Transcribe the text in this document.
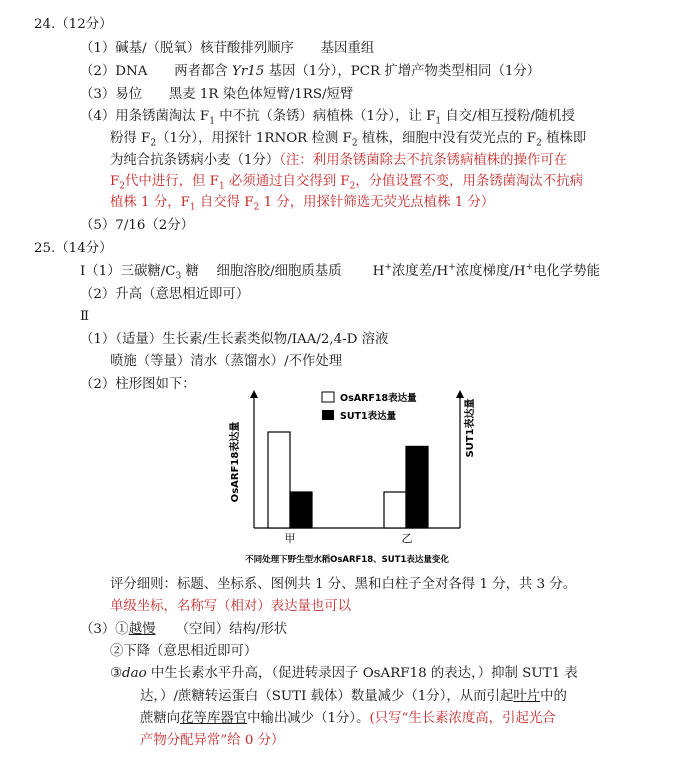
24.（12分）
（1）碱基/（脱氧）核苷酸排列顺序　　基因重组
（2）DNA　　两者都含 Yr15 基因（1分），PCR 扩增产物类型相同（1分）
（3）易位　　黑麦 1R 染色体短臂/1RS/短臂
（4）用条锈菌淘汰 $F_1$ 中不抗（条锈）病植株（1分），让 $F_1$ 自交/相互授粉/随机授
粉得 $F_2(1$分），用探针 1RNOR 检测 $F_2$ 植株，细胞中没有荧光点的 $F_2$ 植株即
为纯合抗条锈病小麦（1分）（注：利用条锈菌除去不抗条锈病植株的操作可在
$F_2$代中进行，但 $F_1$ 必须通过自交得到 $F_2$，分值设置不变，用条锈菌淘汰不抗病
植株 1 分，$F_1$ 自交得 $F_2$ 1 分，用探针筛选无荧光点植株 1 分）
（5）7/16（2分）
25.（14分）
Ⅰ（1）三碳糖$/C_3$ 糖　 细胞溶胶/细胞质基质　　 H+浓度差/H+浓度梯度/H+电化学势能
（2）升高（意思相近即可）
Ⅱ
（1）（适量）生长素/生长素类似物/IAA/2,4-D 溶液
喷施（等量）清水（蒸馏水）/不作处理
（2）柱形图如下：
OsARF18表达量	SUT1表达量
OsARF18表达量
SUT1表达量
甲	乙
不同处理下野生型水稻OsARF18、SUT1表达量变化
评分细则：标题、坐标系、图例共 1 分、黑和白柱子全对各得 1 分，共 3 分。
单级坐标，名称写（相对）表达量也可以
（3）①越慢　　（空间）结构/形状
②下降（意思相近即可）
③dao 中生长素水平升高，（促进转录因子 OsARF18 的表达，）抑制 SUT1 表
达，）/蔗糖转运蛋白（SUTI 载体）数量减少（1分），从而引起叶片中的
蔗糖向花等库器官中输出减少（1分）。(只写“生长素浓度高，引起光合
产物分配异常”给 0 分）
